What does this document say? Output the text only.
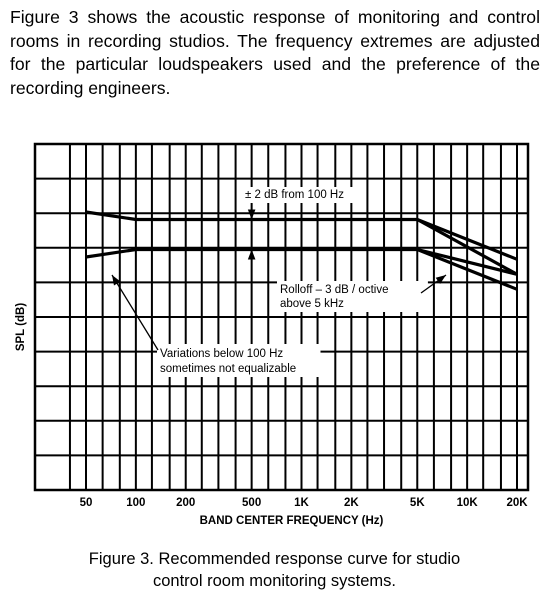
Figure 3 shows the acoustic response of monitoring and control rooms in recording studios. The frequency extremes are adjusted for the particular loudspeakers used and the preference of the recording engineers.

± 2 dB from 100 Hz
Rolloff – 3 dB / octive
above 5 kHz
Variations below 100 Hz
sometimes not equalizable
50	100	200	500	1K	2K	5K	10K	20K
BAND CENTER FREQUENCY (Hz)
SPL (dB)

Figure 3. Recommended response curve for studio
control room monitoring systems.
